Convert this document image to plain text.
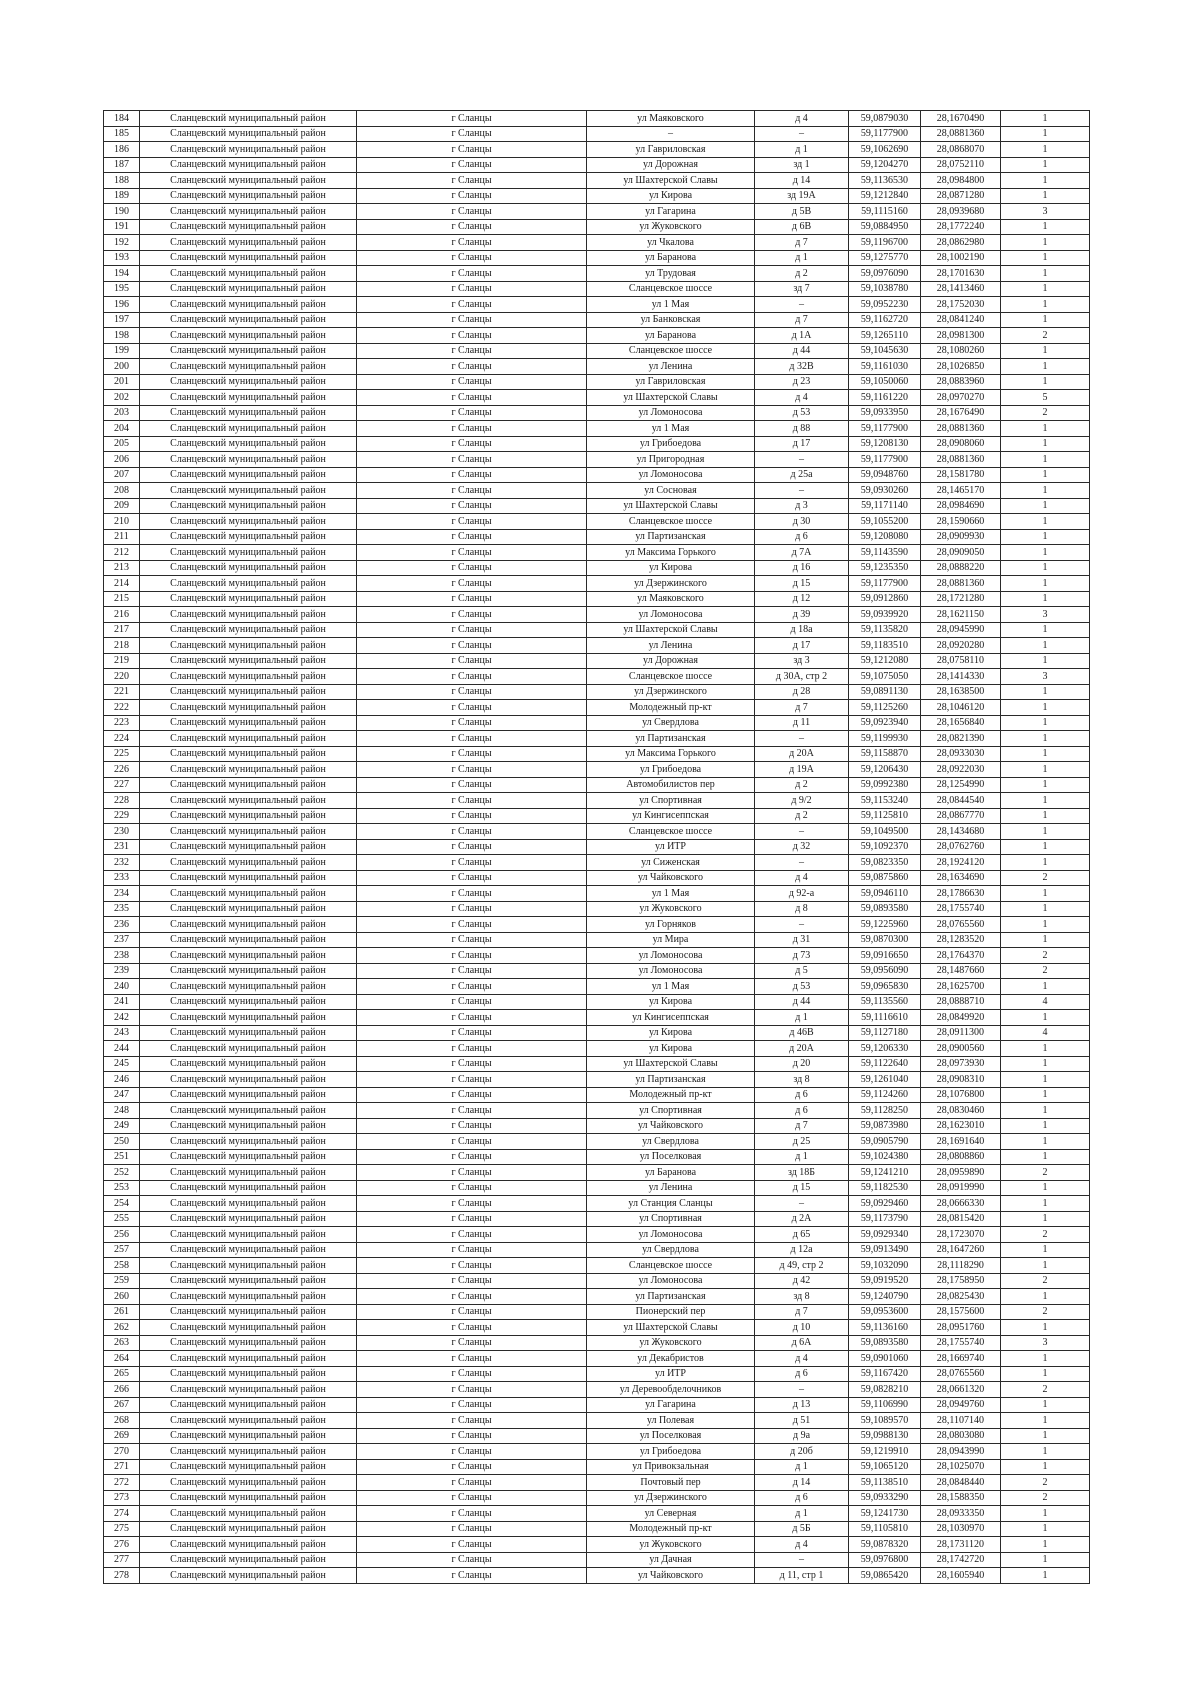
184	Сланцевский муниципальный район	г Сланцы	ул Маяковского	д 4	59,0879030	28,1670490	1
185	Сланцевский муниципальный район	г Сланцы	–	–	59,1177900	28,0881360	1
186	Сланцевский муниципальный район	г Сланцы	ул Гавриловская	д 1	59,1062690	28,0868070	1
187	Сланцевский муниципальный район	г Сланцы	ул Дорожная	зд 1	59,1204270	28,0752110	1
188	Сланцевский муниципальный район	г Сланцы	ул Шахтерской Славы	д 14	59,1136530	28,0984800	1
189	Сланцевский муниципальный район	г Сланцы	ул Кирова	зд 19А	59,1212840	28,0871280	1
190	Сланцевский муниципальный район	г Сланцы	ул Гагарина	д 5В	59,1115160	28,0939680	3
191	Сланцевский муниципальный район	г Сланцы	ул Жуковского	д 6В	59,0884950	28,1772240	1
192	Сланцевский муниципальный район	г Сланцы	ул Чкалова	д 7	59,1196700	28,0862980	1
193	Сланцевский муниципальный район	г Сланцы	ул Баранова	д 1	59,1275770	28,1002190	1
194	Сланцевский муниципальный район	г Сланцы	ул Трудовая	д 2	59,0976090	28,1701630	1
195	Сланцевский муниципальный район	г Сланцы	Сланцевское шоссе	зд 7	59,1038780	28,1413460	1
196	Сланцевский муниципальный район	г Сланцы	ул 1 Мая	–	59,0952230	28,1752030	1
197	Сланцевский муниципальный район	г Сланцы	ул Банковская	д 7	59,1162720	28,0841240	1
198	Сланцевский муниципальный район	г Сланцы	ул Баранова	д 1А	59,1265110	28,0981300	2
199	Сланцевский муниципальный район	г Сланцы	Сланцевское шоссе	д 44	59,1045630	28,1080260	1
200	Сланцевский муниципальный район	г Сланцы	ул Ленина	д 32В	59,1161030	28,1026850	1
201	Сланцевский муниципальный район	г Сланцы	ул Гавриловская	д 23	59,1050060	28,0883960	1
202	Сланцевский муниципальный район	г Сланцы	ул Шахтерской Славы	д 4	59,1161220	28,0970270	5
203	Сланцевский муниципальный район	г Сланцы	ул Ломоносова	д 53	59,0933950	28,1676490	2
204	Сланцевский муниципальный район	г Сланцы	ул 1 Мая	д 88	59,1177900	28,0881360	1
205	Сланцевский муниципальный район	г Сланцы	ул Грибоедова	д 17	59,1208130	28,0908060	1
206	Сланцевский муниципальный район	г Сланцы	ул Пригородная	–	59,1177900	28,0881360	1
207	Сланцевский муниципальный район	г Сланцы	ул Ломоносова	д 25а	59,0948760	28,1581780	1
208	Сланцевский муниципальный район	г Сланцы	ул Сосновая	–	59,0930260	28,1465170	1
209	Сланцевский муниципальный район	г Сланцы	ул Шахтерской Славы	д 3	59,1171140	28,0984690	1
210	Сланцевский муниципальный район	г Сланцы	Сланцевское шоссе	д 30	59,1055200	28,1590660	1
211	Сланцевский муниципальный район	г Сланцы	ул Партизанская	д 6	59,1208080	28,0909930	1
212	Сланцевский муниципальный район	г Сланцы	ул Максима Горького	д 7А	59,1143590	28,0909050	1
213	Сланцевский муниципальный район	г Сланцы	ул Кирова	д 16	59,1235350	28,0888220	1
214	Сланцевский муниципальный район	г Сланцы	ул Дзержинского	д 15	59,1177900	28,0881360	1
215	Сланцевский муниципальный район	г Сланцы	ул Маяковского	д 12	59,0912860	28,1721280	1
216	Сланцевский муниципальный район	г Сланцы	ул Ломоносова	д 39	59,0939920	28,1621150	3
217	Сланцевский муниципальный район	г Сланцы	ул Шахтерской Славы	д 18а	59,1135820	28,0945990	1
218	Сланцевский муниципальный район	г Сланцы	ул Ленина	д 17	59,1183510	28,0920280	1
219	Сланцевский муниципальный район	г Сланцы	ул Дорожная	зд 3	59,1212080	28,0758110	1
220	Сланцевский муниципальный район	г Сланцы	Сланцевское шоссе	д 30А, стр 2	59,1075050	28,1414330	3
221	Сланцевский муниципальный район	г Сланцы	ул Дзержинского	д 28	59,0891130	28,1638500	1
222	Сланцевский муниципальный район	г Сланцы	Молодежный пр-кт	д 7	59,1125260	28,1046120	1
223	Сланцевский муниципальный район	г Сланцы	ул Свердлова	д 11	59,0923940	28,1656840	1
224	Сланцевский муниципальный район	г Сланцы	ул Партизанская	–	59,1199930	28,0821390	1
225	Сланцевский муниципальный район	г Сланцы	ул Максима Горького	д 20А	59,1158870	28,0933030	1
226	Сланцевский муниципальный район	г Сланцы	ул Грибоедова	д 19А	59,1206430	28,0922030	1
227	Сланцевский муниципальный район	г Сланцы	Автомобилистов пер	д 2	59,0992380	28,1254990	1
228	Сланцевский муниципальный район	г Сланцы	ул Спортивная	д 9/2	59,1153240	28,0844540	1
229	Сланцевский муниципальный район	г Сланцы	ул Кингисеппская	д 2	59,1125810	28,0867770	1
230	Сланцевский муниципальный район	г Сланцы	Сланцевское шоссе	–	59,1049500	28,1434680	1
231	Сланцевский муниципальный район	г Сланцы	ул ИТР	д 32	59,1092370	28,0762760	1
232	Сланцевский муниципальный район	г Сланцы	ул Сиженская	–	59,0823350	28,1924120	1
233	Сланцевский муниципальный район	г Сланцы	ул Чайковского	д 4	59,0875860	28,1634690	2
234	Сланцевский муниципальный район	г Сланцы	ул 1 Мая	д 92-а	59,0946110	28,1786630	1
235	Сланцевский муниципальный район	г Сланцы	ул Жуковского	д 8	59,0893580	28,1755740	1
236	Сланцевский муниципальный район	г Сланцы	ул Горняков	–	59,1225960	28,0765560	1
237	Сланцевский муниципальный район	г Сланцы	ул Мира	д 31	59,0870300	28,1283520	1
238	Сланцевский муниципальный район	г Сланцы	ул Ломоносова	д 73	59,0916650	28,1764370	2
239	Сланцевский муниципальный район	г Сланцы	ул Ломоносова	д 5	59,0956090	28,1487660	2
240	Сланцевский муниципальный район	г Сланцы	ул 1 Мая	д 53	59,0965830	28,1625700	1
241	Сланцевский муниципальный район	г Сланцы	ул Кирова	д 44	59,1135560	28,0888710	4
242	Сланцевский муниципальный район	г Сланцы	ул Кингисеппская	д 1	59,1116610	28,0849920	1
243	Сланцевский муниципальный район	г Сланцы	ул Кирова	д 46В	59,1127180	28,0911300	4
244	Сланцевский муниципальный район	г Сланцы	ул Кирова	д 20А	59,1206330	28,0900560	1
245	Сланцевский муниципальный район	г Сланцы	ул Шахтерской Славы	д 20	59,1122640	28,0973930	1
246	Сланцевский муниципальный район	г Сланцы	ул Партизанская	зд 8	59,1261040	28,0908310	1
247	Сланцевский муниципальный район	г Сланцы	Молодежный пр-кт	д 6	59,1124260	28,1076800	1
248	Сланцевский муниципальный район	г Сланцы	ул Спортивная	д 6	59,1128250	28,0830460	1
249	Сланцевский муниципальный район	г Сланцы	ул Чайковского	д 7	59,0873980	28,1623010	1
250	Сланцевский муниципальный район	г Сланцы	ул Свердлова	д 25	59,0905790	28,1691640	1
251	Сланцевский муниципальный район	г Сланцы	ул Поселковая	д 1	59,1024380	28,0808860	1
252	Сланцевский муниципальный район	г Сланцы	ул Баранова	зд 18Б	59,1241210	28,0959890	2
253	Сланцевский муниципальный район	г Сланцы	ул Ленина	д 15	59,1182530	28,0919990	1
254	Сланцевский муниципальный район	г Сланцы	ул Станция Сланцы	–	59,0929460	28,0666330	1
255	Сланцевский муниципальный район	г Сланцы	ул Спортивная	д 2А	59,1173790	28,0815420	1
256	Сланцевский муниципальный район	г Сланцы	ул Ломоносова	д 65	59,0929340	28,1723070	2
257	Сланцевский муниципальный район	г Сланцы	ул Свердлова	д 12а	59,0913490	28,1647260	1
258	Сланцевский муниципальный район	г Сланцы	Сланцевское шоссе	д 49, стр 2	59,1032090	28,1118290	1
259	Сланцевский муниципальный район	г Сланцы	ул Ломоносова	д 42	59,0919520	28,1758950	2
260	Сланцевский муниципальный район	г Сланцы	ул Партизанская	зд 8	59,1240790	28,0825430	1
261	Сланцевский муниципальный район	г Сланцы	Пионерский пер	д 7	59,0953600	28,1575600	2
262	Сланцевский муниципальный район	г Сланцы	ул Шахтерской Славы	д 10	59,1136160	28,0951760	1
263	Сланцевский муниципальный район	г Сланцы	ул Жуковского	д 6А	59,0893580	28,1755740	3
264	Сланцевский муниципальный район	г Сланцы	ул Декабристов	д 4	59,0901060	28,1669740	1
265	Сланцевский муниципальный район	г Сланцы	ул ИТР	д 6	59,1167420	28,0765560	1
266	Сланцевский муниципальный район	г Сланцы	ул Деревообделочников	–	59,0828210	28,0661320	2
267	Сланцевский муниципальный район	г Сланцы	ул Гагарина	д 13	59,1106990	28,0949760	1
268	Сланцевский муниципальный район	г Сланцы	ул Полевая	д 51	59,1089570	28,1107140	1
269	Сланцевский муниципальный район	г Сланцы	ул Поселковая	д 9а	59,0988130	28,0803080	1
270	Сланцевский муниципальный район	г Сланцы	ул Грибоедова	д 20б	59,1219910	28,0943990	1
271	Сланцевский муниципальный район	г Сланцы	ул Привокзальная	д 1	59,1065120	28,1025070	1
272	Сланцевский муниципальный район	г Сланцы	Почтовый пер	д 14	59,1138510	28,0848440	2
273	Сланцевский муниципальный район	г Сланцы	ул Дзержинского	д 6	59,0933290	28,1588350	2
274	Сланцевский муниципальный район	г Сланцы	ул Северная	д 1	59,1241730	28,0933350	1
275	Сланцевский муниципальный район	г Сланцы	Молодежный пр-кт	д 5Б	59,1105810	28,1030970	1
276	Сланцевский муниципальный район	г Сланцы	ул Жуковского	д 4	59,0878320	28,1731120	1
277	Сланцевский муниципальный район	г Сланцы	ул Дачная	–	59,0976800	28,1742720	1
278	Сланцевский муниципальный район	г Сланцы	ул Чайковского	д 11, стр 1	59,0865420	28,1605940	1
